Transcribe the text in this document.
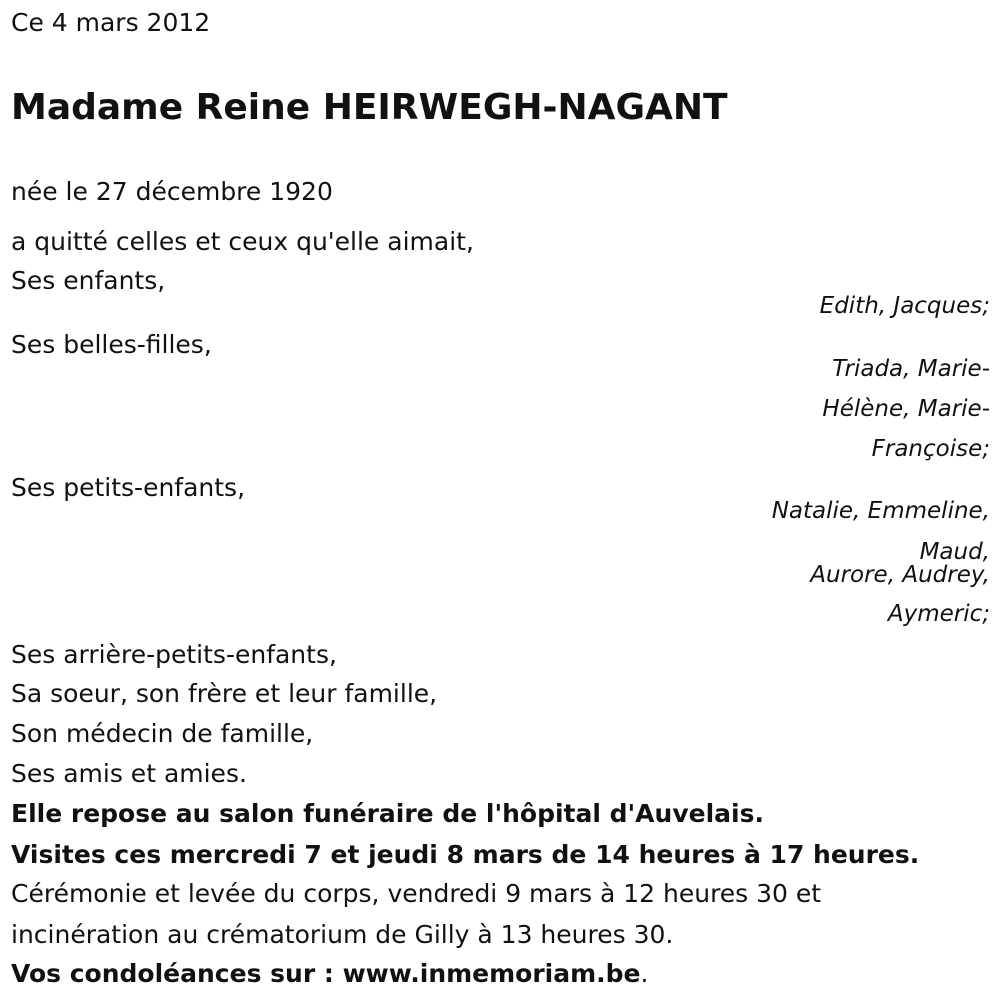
Ce 4 mars 2012
Madame Reine HEIRWEGH-NAGANT
née le 27 décembre 1920
a quitté celles et ceux qu'elle aimait,
Ses enfants,
Edith, Jacques;
Ses belles-filles,
Triada, Marie-
Hélène, Marie-
Françoise;
Ses petits-enfants,
Natalie, Emmeline,
Maud,
Aurore, Audrey,
Aymeric;
Ses arrière-petits-enfants,
Sa soeur, son frère et leur famille,
Son médecin de famille,
Ses amis et amies.
Elle repose au salon funéraire de l'hôpital d'Auvelais.
Visites ces mercredi 7 et jeudi 8 mars de 14 heures à 17 heures.
Cérémonie et levée du corps, vendredi 9 mars à 12 heures 30 et
incinération au crématorium de Gilly à 13 heures 30.
Vos condoléances sur : www.inmemoriam.be.
